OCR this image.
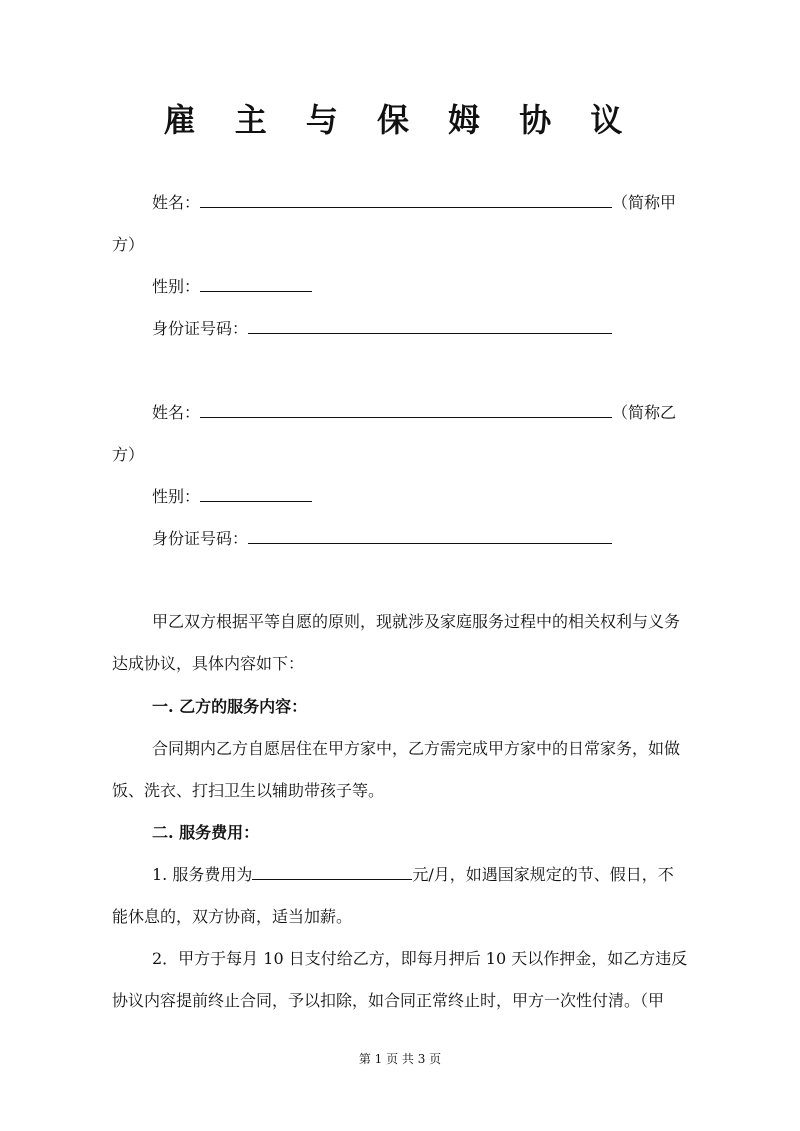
雇 主 与 保 姆 协 议
姓名：	（简称甲
方）
性别：
身份证号码：
姓名：	（简称乙
方）
性别：
身份证号码：
甲乙双方根据平等自愿的原则，现就涉及家庭服务过程中的相关权利与义务
达成协议，具体内容如下：
一. 乙方的服务内容：
合同期内乙方自愿居住在甲方家中，乙方需完成甲方家中的日常家务，如做
饭、洗衣、打扫卫生以辅助带孩子等。
二. 服务费用：
1. 服务费用为	元/月，如遇国家规定的节、假日，不
能休息的，双方协商，适当加薪。
2．甲方于每月 10 日支付给乙方，即每月押后 10 天以作押金，如乙方违反
协议内容提前终止合同，予以扣除，如合同正常终止时，甲方一次性付清。（甲
第 1 页 共 3 页
